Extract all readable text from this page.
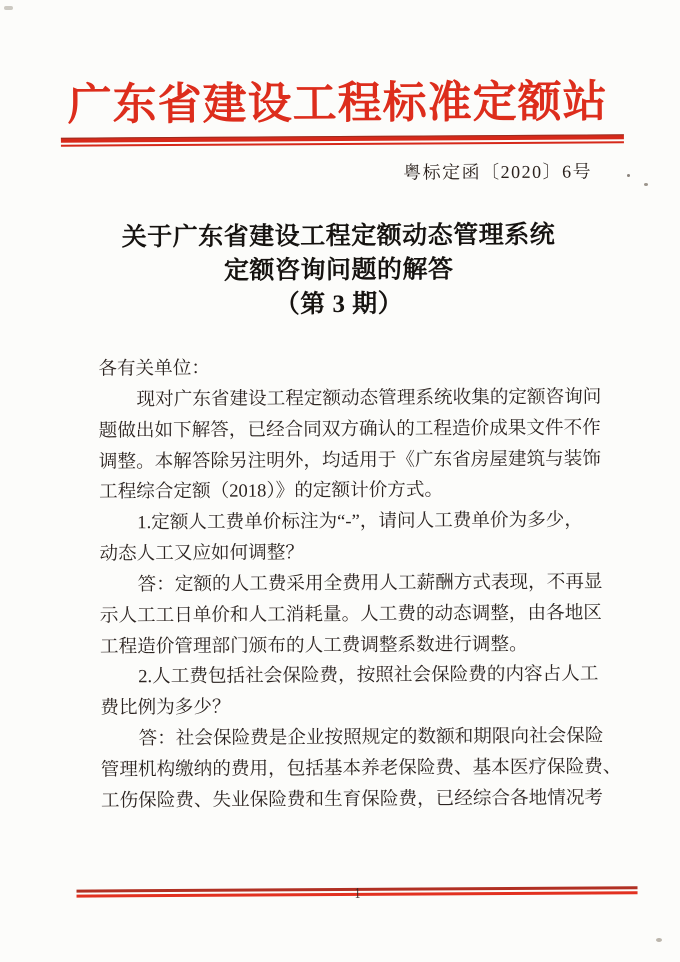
广东省建设工程标准定额站
粤标定函〔2020〕6号
关于广东省建设工程定额动态管理系统
定额咨询问题的解答
（第 3 期）
各有关单位：
现对广东省建设工程定额动态管理系统收集的定额咨询问
题做出如下解答，已经合同双方确认的工程造价成果文件不作
调整。本解答除另注明外，均适用于《广东省房屋建筑与装饰
工程综合定额（2018）》的定额计价方式。
1.定额人工费单价标注为“-”，请问人工费单价为多少，
动态人工又应如何调整？
答：定额的人工费采用全费用人工薪酬方式表现，不再显
示人工工日单价和人工消耗量。人工费的动态调整，由各地区
工程造价管理部门颁布的人工费调整系数进行调整。
2.人工费包括社会保险费，按照社会保险费的内容占人工
费比例为多少？
答：社会保险费是企业按照规定的数额和期限向社会保险
管理机构缴纳的费用，包括基本养老保险费、基本医疗保险费、
工伤保险费、失业保险费和生育保险费，已经综合各地情况考
1
